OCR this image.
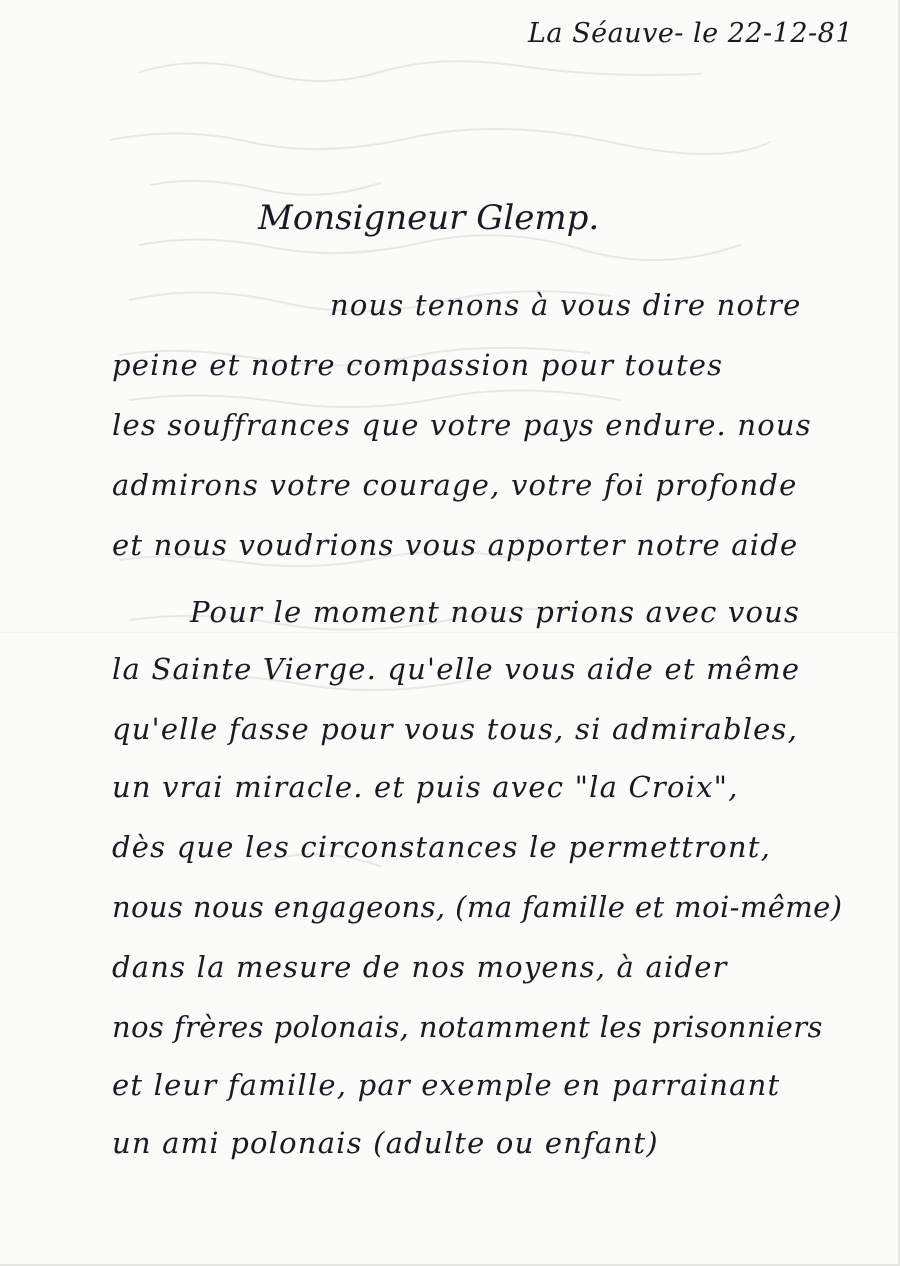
La Séauve- le 22-12-81
Monsigneur Glemp.
nous tenons à vous dire notre
peine et notre compassion pour toutes
les souffrances que votre pays endure. nous
admirons votre courage, votre foi profonde
et nous voudrions vous apporter notre aide
Pour le moment nous prions avec vous
la Sainte Vierge. qu'elle vous aide et même
qu'elle fasse pour vous tous, si admirables,
un vrai miracle. et puis avec "la Croix",
dès que les circonstances le permettront,
nous nous engageons, (ma famille et moi-même)
dans la mesure de nos moyens, à aider
nos frères polonais, notamment les prisonniers
et leur famille, par exemple en parrainant
un ami polonais (adulte ou enfant)
